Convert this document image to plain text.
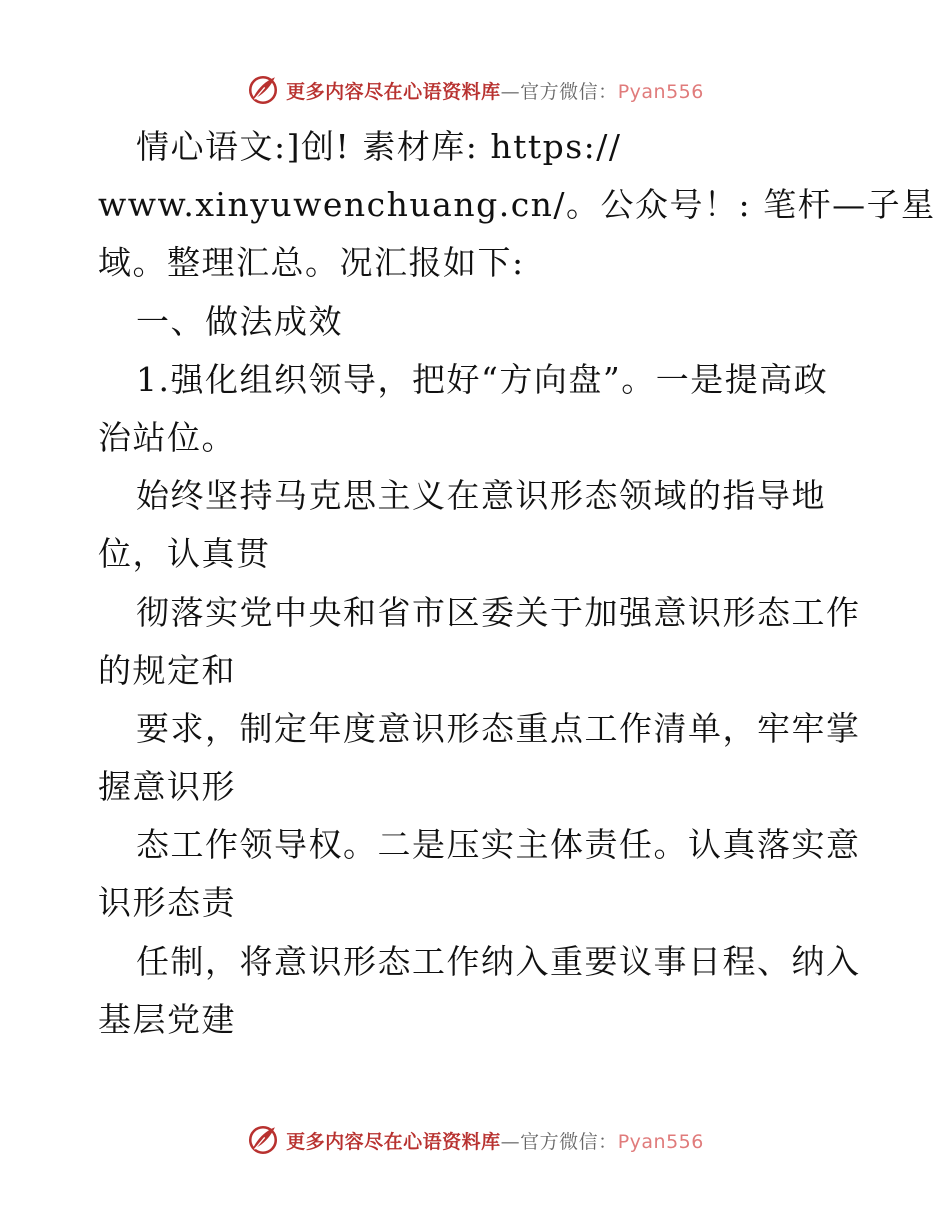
更多内容尽在心语资料库—官方微信：Pyan556
情心语文:]创! 素材库: https://
www.xinyuwenchuang.cn/。公众号！: 笔杆—子星
域。整理汇总。况汇报如下:
一、做法成效
1.强化组织领导，把好“方向盘”。一是提高政
治站位。
始终坚持马克思主义在意识形态领域的指导地
位，认真贯
彻落实党中央和省市区委关于加强意识形态工作
的规定和
要求，制定年度意识形态重点工作清单，牢牢掌
握意识形
态工作领导权。二是压实主体责任。认真落实意
识形态责
任制，将意识形态工作纳入重要议事日程、纳入
基层党建
更多内容尽在心语资料库—官方微信：Pyan556
